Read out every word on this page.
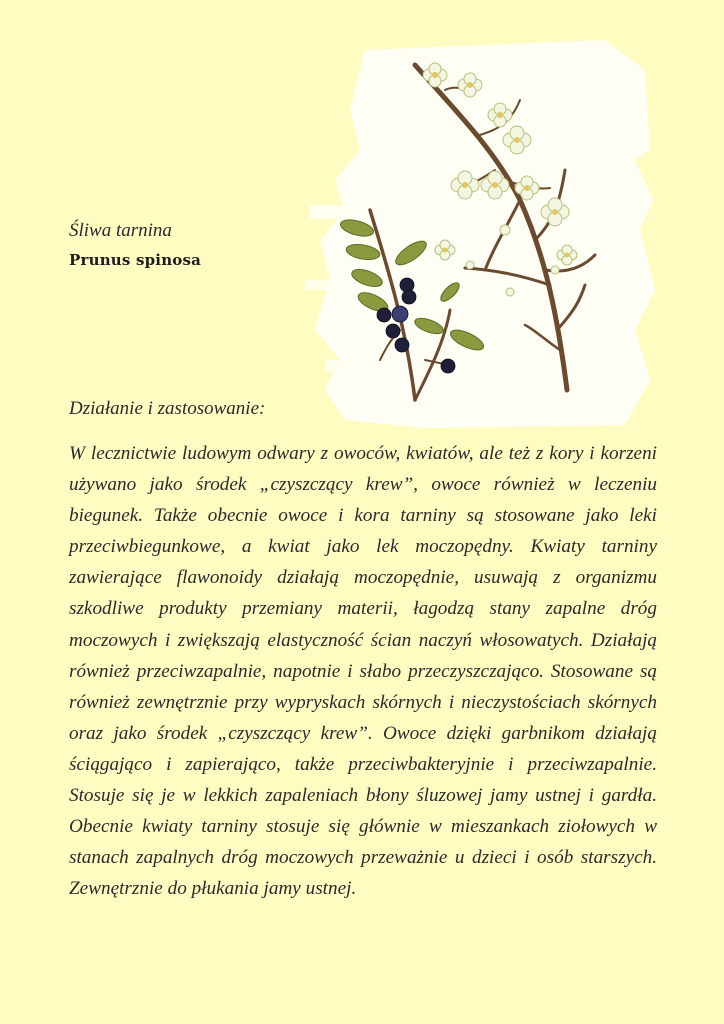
Śliwa tarnina
Prunus spinosa
Działanie i zastosowanie:
W lecznictwie ludowym odwary z owoców, kwiatów, ale też z kory i korzeni używano jako środek „czyszczący krew”, owoce również w leczeniu biegunek. Także obecnie owoce i kora tarniny są stosowane jako leki przeciwbiegunkowe, a kwiat jako lek moczopędny. Kwiaty tarniny zawierające flawonoidy działają moczopędnie, usuwają z organizmu szkodliwe produkty przemiany materii, łagodzą stany zapalne dróg moczowych i zwiększają elastyczność ścian naczyń włosowatych. Działają również przeciwzapalnie, napotnie i słabo przeczyszczająco. Stosowane są również zewnętrznie przy wypryskach skórnych i nieczystościach skórnych oraz jako środek „czyszczący krew”. Owoce dzięki garbnikom działają ściągająco i zapierająco, także przeciwbakteryjnie i przeciwzapalnie. Stosuje się je w lekkich zapaleniach błony śluzowej jamy ustnej i gardła. Obecnie kwiaty tarniny stosuje się głównie w mieszankach ziołowych w stanach zapalnych dróg moczowych przeważnie u dzieci i osób starszych. Zewnętrznie do płukania jamy ustnej.
